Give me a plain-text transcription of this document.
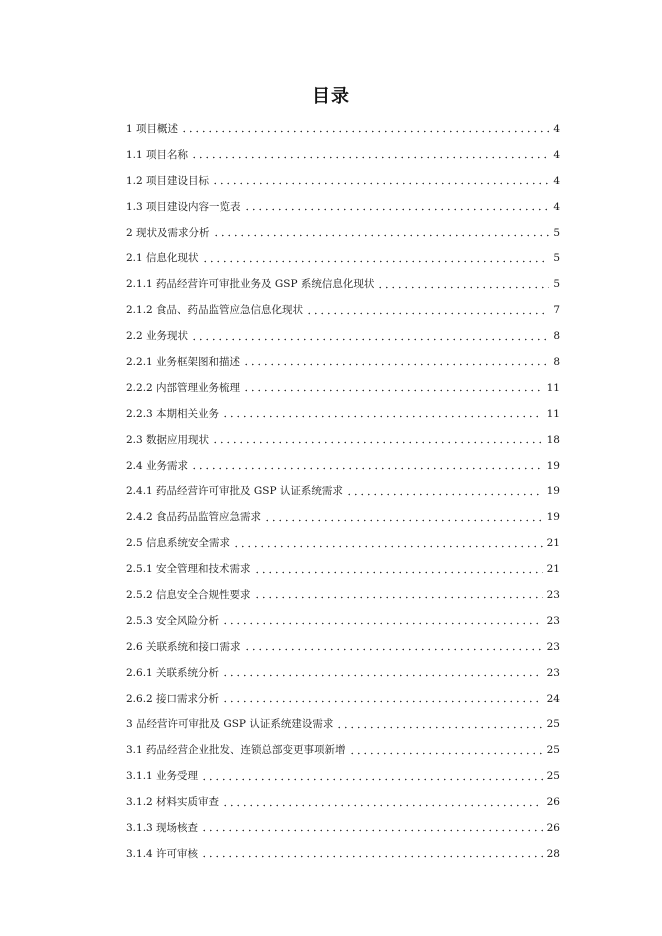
目录
1 项目概述	4
1.1 项目名称	4
1.2 项目建设目标	4
1.3 项目建设内容一览表	4
2 现状及需求分析	5
2.1 信息化现状	5
2.1.1 药品经营许可审批业务及 GSP 系统信息化现状	5
2.1.2 食品、药品监管应急信息化现状	7
2.2 业务现状	8
2.2.1 业务框架图和描述	8
2.2.2 内部管理业务梳理	11
2.2.3 本期相关业务	11
2.3 数据应用现状	18
2.4 业务需求	19
2.4.1 药品经营许可审批及 GSP 认证系统需求	19
2.4.2 食品药品监管应急需求	19
2.5 信息系统安全需求	21
2.5.1 安全管理和技术需求	21
2.5.2 信息安全合规性要求	23
2.5.3 安全风险分析	23
2.6 关联系统和接口需求	23
2.6.1 关联系统分析	23
2.6.2 接口需求分析	24
3 品经营许可审批及 GSP 认证系统建设需求	25
3.1 药品经营企业批发、连锁总部变更事项新增	25
3.1.1 业务受理	25
3.1.2 材料实质审查	26
3.1.3 现场核查	26
3.1.4 许可审核	28
